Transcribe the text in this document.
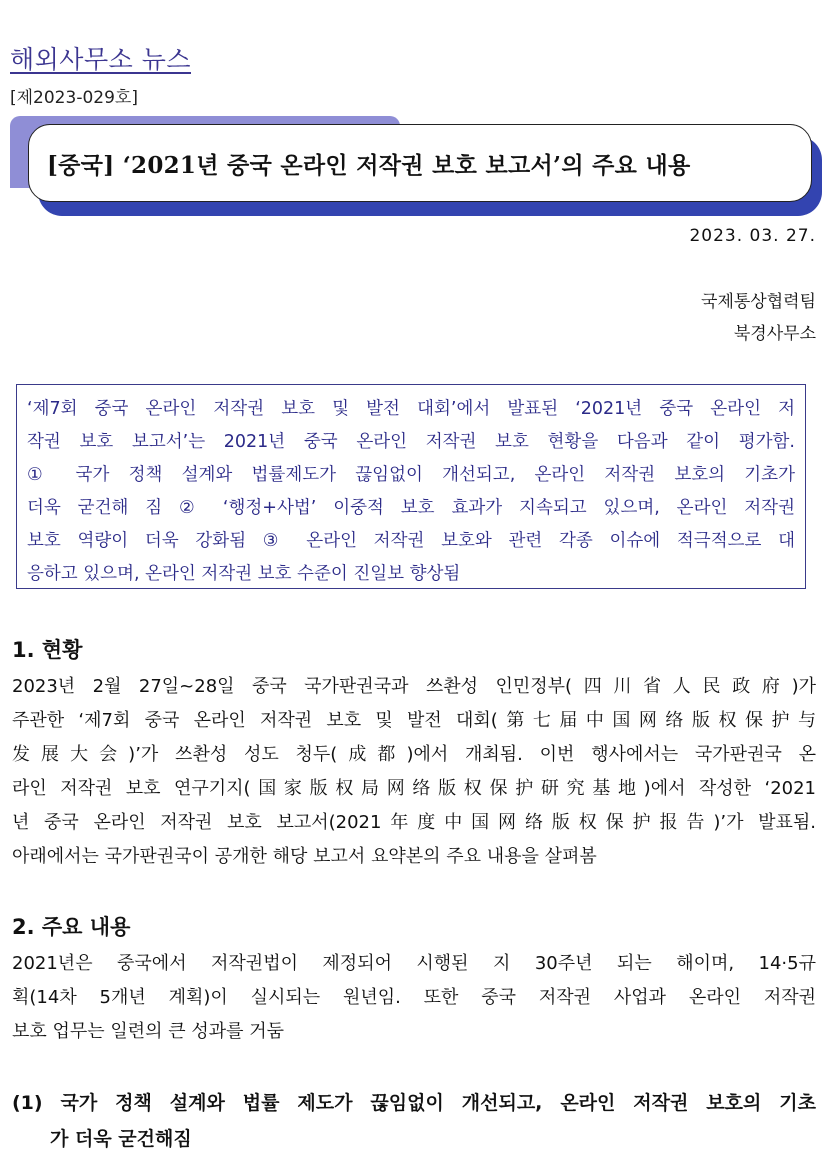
해외사무소 뉴스
[제2023-029호]
[중국] ‘2021년 중국 온라인 저작권 보호 보고서’의 주요 내용
2023. 03. 27.
국제통상협력팀
북경사무소
‘제7회 중국 온라인 저작권 보호 및 발전 대회’에서 발표된 ‘2021년 중국 온라인 저
작권 보호 보고서’는 2021년 중국 온라인 저작권 보호 현황을 다음과 같이 평가함.
① 국가 정책 설계와 법률제도가 끊임없이 개선되고, 온라인 저작권 보호의 기초가
더욱 굳건해 짐 ② ‘행정+사법’ 이중적 보호 효과가 지속되고 있으며, 온라인 저작권
보호 역량이 더욱 강화됨 ③ 온라인 저작권 보호와 관련 각종 이슈에 적극적으로 대
응하고 있으며, 온라인 저작권 보호 수준이 진일보 향상됨
1. 현황
2023년 2월 27일~28일 중국 국가판권국과 쓰촨성 인민정부(四川省人民政府)가
주관한 ‘제7회 중국 온라인 저작권 보호 및 발전 대회(第七届中国网络版权保护与
发展大会)’가 쓰촨성 성도 청두(成都)에서 개최됨. 이번 행사에서는 국가판권국 온
라인 저작권 보호 연구기지(国家版权局网络版权保护研究基地)에서 작성한 ‘2021
년 중국 온라인 저작권 보호 보고서(2021年度中国网络版权保护报告)’가 발표됨.
아래에서는 국가판권국이 공개한 해당 보고서 요약본의 주요 내용을 살펴봄
2. 주요 내용
2021년은 중국에서 저작권법이 제정되어 시행된 지 30주년 되는 해이며, 14·5규
획(14차 5개년 계획)이 실시되는 원년임. 또한 중국 저작권 사업과 온라인 저작권
보호 업무는 일련의 큰 성과를 거둠
(1) 국가 정책 설계와 법률 제도가 끊임없이 개선되고, 온라인 저작권 보호의 기초
가 더욱 굳건해짐
